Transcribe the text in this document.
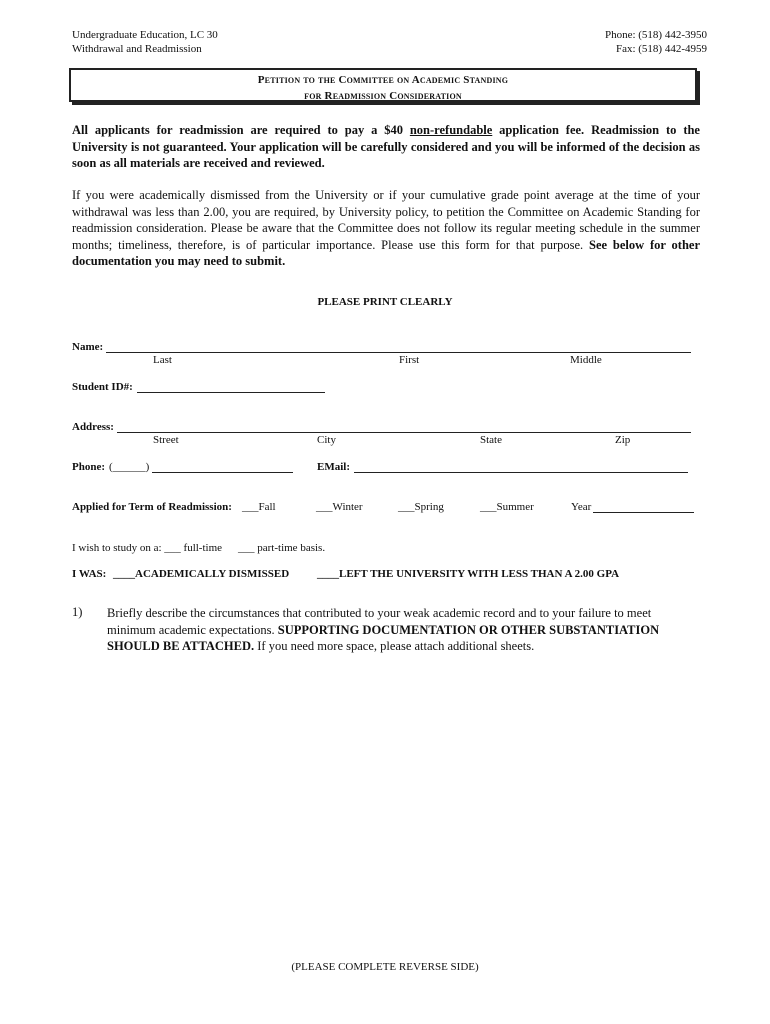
Undergraduate Education, LC 30
Withdrawal and Readmission
Phone: (518) 442-3950
Fax: (518) 442-4959
Petition to the Committee on Academic Standing
for Readmission Consideration
All applicants for readmission are required to pay a $40 non-refundable application fee. Readmission to the University is not guaranteed. Your application will be carefully considered and you will be informed of the decision as soon as all materials are received and reviewed.
If you were academically dismissed from the University or if your cumulative grade point average at the time of your withdrawal was less than 2.00, you are required, by University policy, to petition the Committee on Academic Standing for readmission consideration. Please be aware that the Committee does not follow its regular meeting schedule in the summer months; timeliness, therefore, is of particular importance. Please use this form for that purpose. See below for other documentation you may need to submit.
PLEASE PRINT CLEARLY
Name:
Last	First	Middle
Student ID#:
Address:
Street	City	State	Zip
Phone: (______)	EMail:
Applied for Term of Readmission: ___Fall	___Winter	___Spring	___Summer	Year
I wish to study on a: ___ full-time ___ part-time basis.
I WAS: ____ACADEMICALLY DISMISSED	____LEFT THE UNIVERSITY WITH LESS THAN A 2.00 GPA
1) Briefly describe the circumstances that contributed to your weak academic record and to your failure to meet minimum academic expectations. SUPPORTING DOCUMENTATION OR OTHER SUBSTANTIATION SHOULD BE ATTACHED. If you need more space, please attach additional sheets.
(PLEASE COMPLETE REVERSE SIDE)
